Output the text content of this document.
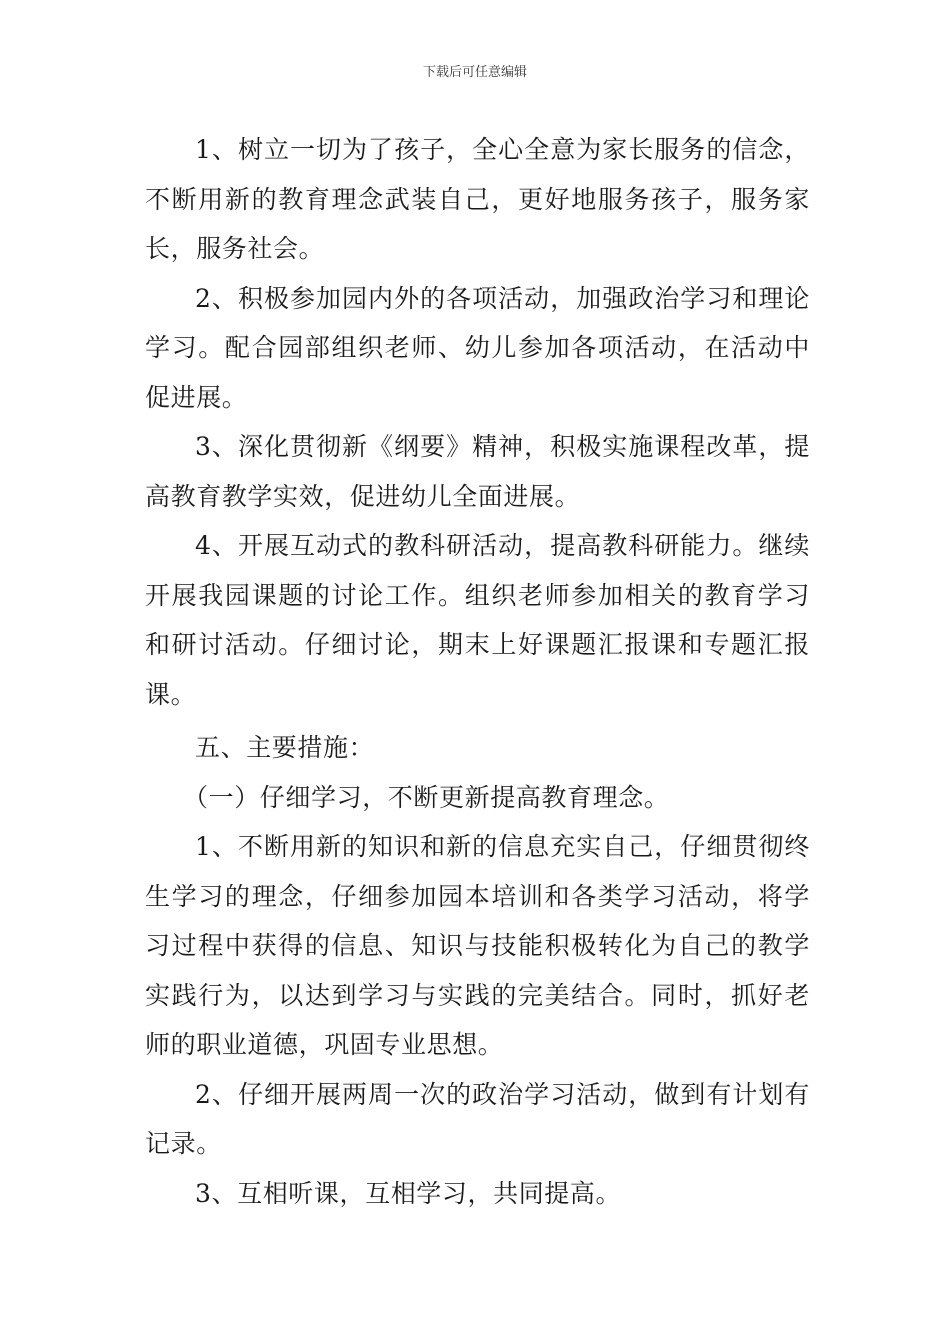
下载后可任意编辑

1、树立一切为了孩子，全心全意为家长服务的信念，不断用新的教育理念武装自己，更好地服务孩子，服务家长，服务社会。

2、积极参加园内外的各项活动，加强政治学习和理论学习。配合园部组织老师、幼儿参加各项活动，在活动中促进展。

3、深化贯彻新《纲要》精神，积极实施课程改革，提高教育教学实效，促进幼儿全面进展。

4、开展互动式的教科研活动，提高教科研能力。继续开展我园课题的讨论工作。组织老师参加相关的教育学习和研讨活动。仔细讨论，期末上好课题汇报课和专题汇报课。

五、主要措施：

（一）仔细学习，不断更新提高教育理念。

1、不断用新的知识和新的信息充实自己，仔细贯彻终生学习的理念，仔细参加园本培训和各类学习活动，将学习过程中获得的信息、知识与技能积极转化为自己的教学实践行为，以达到学习与实践的完美结合。同时，抓好老师的职业道德，巩固专业思想。

2、仔细开展两周一次的政治学习活动，做到有计划有记录。

3、互相听课，互相学习，共同提高。
